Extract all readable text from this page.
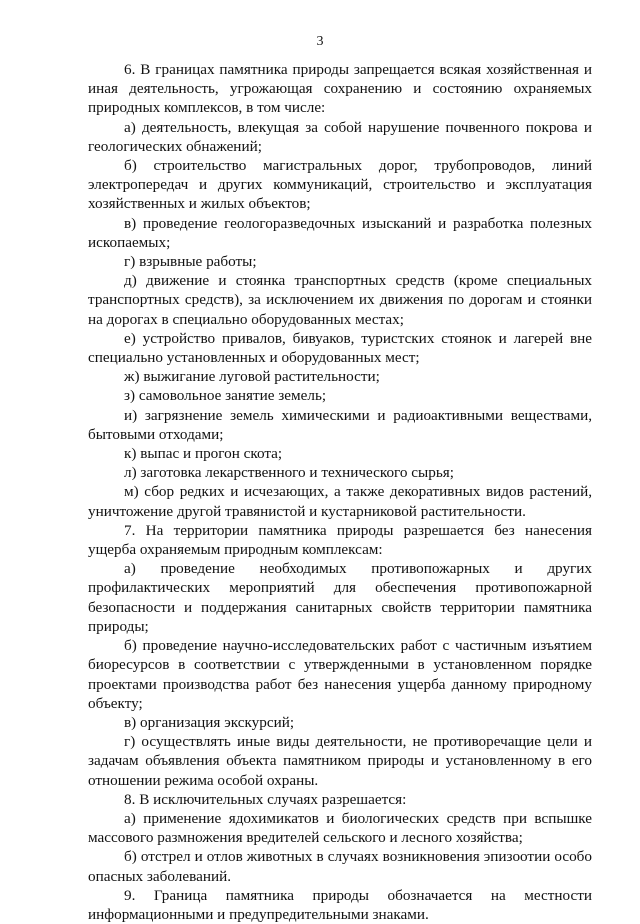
3

6. В границах памятника природы запрещается всякая хозяйственная и иная деятельность, угрожающая сохранению и состоянию охраняемых природных комплексов, в том числе:

а) деятельность, влекущая за собой нарушение почвенного покрова и геологических обнажений;

б) строительство магистральных дорог, трубопроводов, линий электропередач и других коммуникаций, строительство и эксплуатация хозяйственных и жилых объектов;

в) проведение геологоразведочных изысканий и разработка полезных ископаемых;

г) взрывные работы;

д) движение и стоянка транспортных средств (кроме специальных транспортных средств), за исключением их движения по дорогам и стоянки на дорогах в специально оборудованных местах;

е) устройство привалов, бивуаков, туристских стоянок и лагерей вне специально установленных и оборудованных мест;

ж) выжигание луговой растительности;

з) самовольное занятие земель;

и) загрязнение земель химическими и радиоактивными веществами, бытовыми отходами;

к) выпас и прогон скота;

л) заготовка лекарственного и технического сырья;

м) сбор редких и исчезающих, а также декоративных видов растений, уничтожение другой травянистой и кустарниковой растительности.

7. На территории памятника природы разрешается без нанесения ущерба охраняемым природным комплексам:

а) проведение необходимых противопожарных и других профилактических мероприятий для обеспечения противопожарной безопасности и поддержания санитарных свойств территории памятника природы;

б) проведение научно-исследовательских работ с частичным изъятием биоресурсов в соответствии с утвержденными в установленном порядке проектами производства работ без нанесения ущерба данному природному объекту;

в) организация экскурсий;

г) осуществлять иные виды деятельности, не противоречащие цели и задачам объявления объекта памятником природы и установленному в его отношении режима особой охраны.

8. В исключительных случаях разрешается:

а) применение ядохимикатов и биологических средств при вспышке массового размножения вредителей сельского и лесного хозяйства;

б) отстрел и отлов животных в случаях возникновения эпизоотии особо опасных заболеваний.

9. Граница памятника природы обозначается на местности информационными и предупредительными знаками.
